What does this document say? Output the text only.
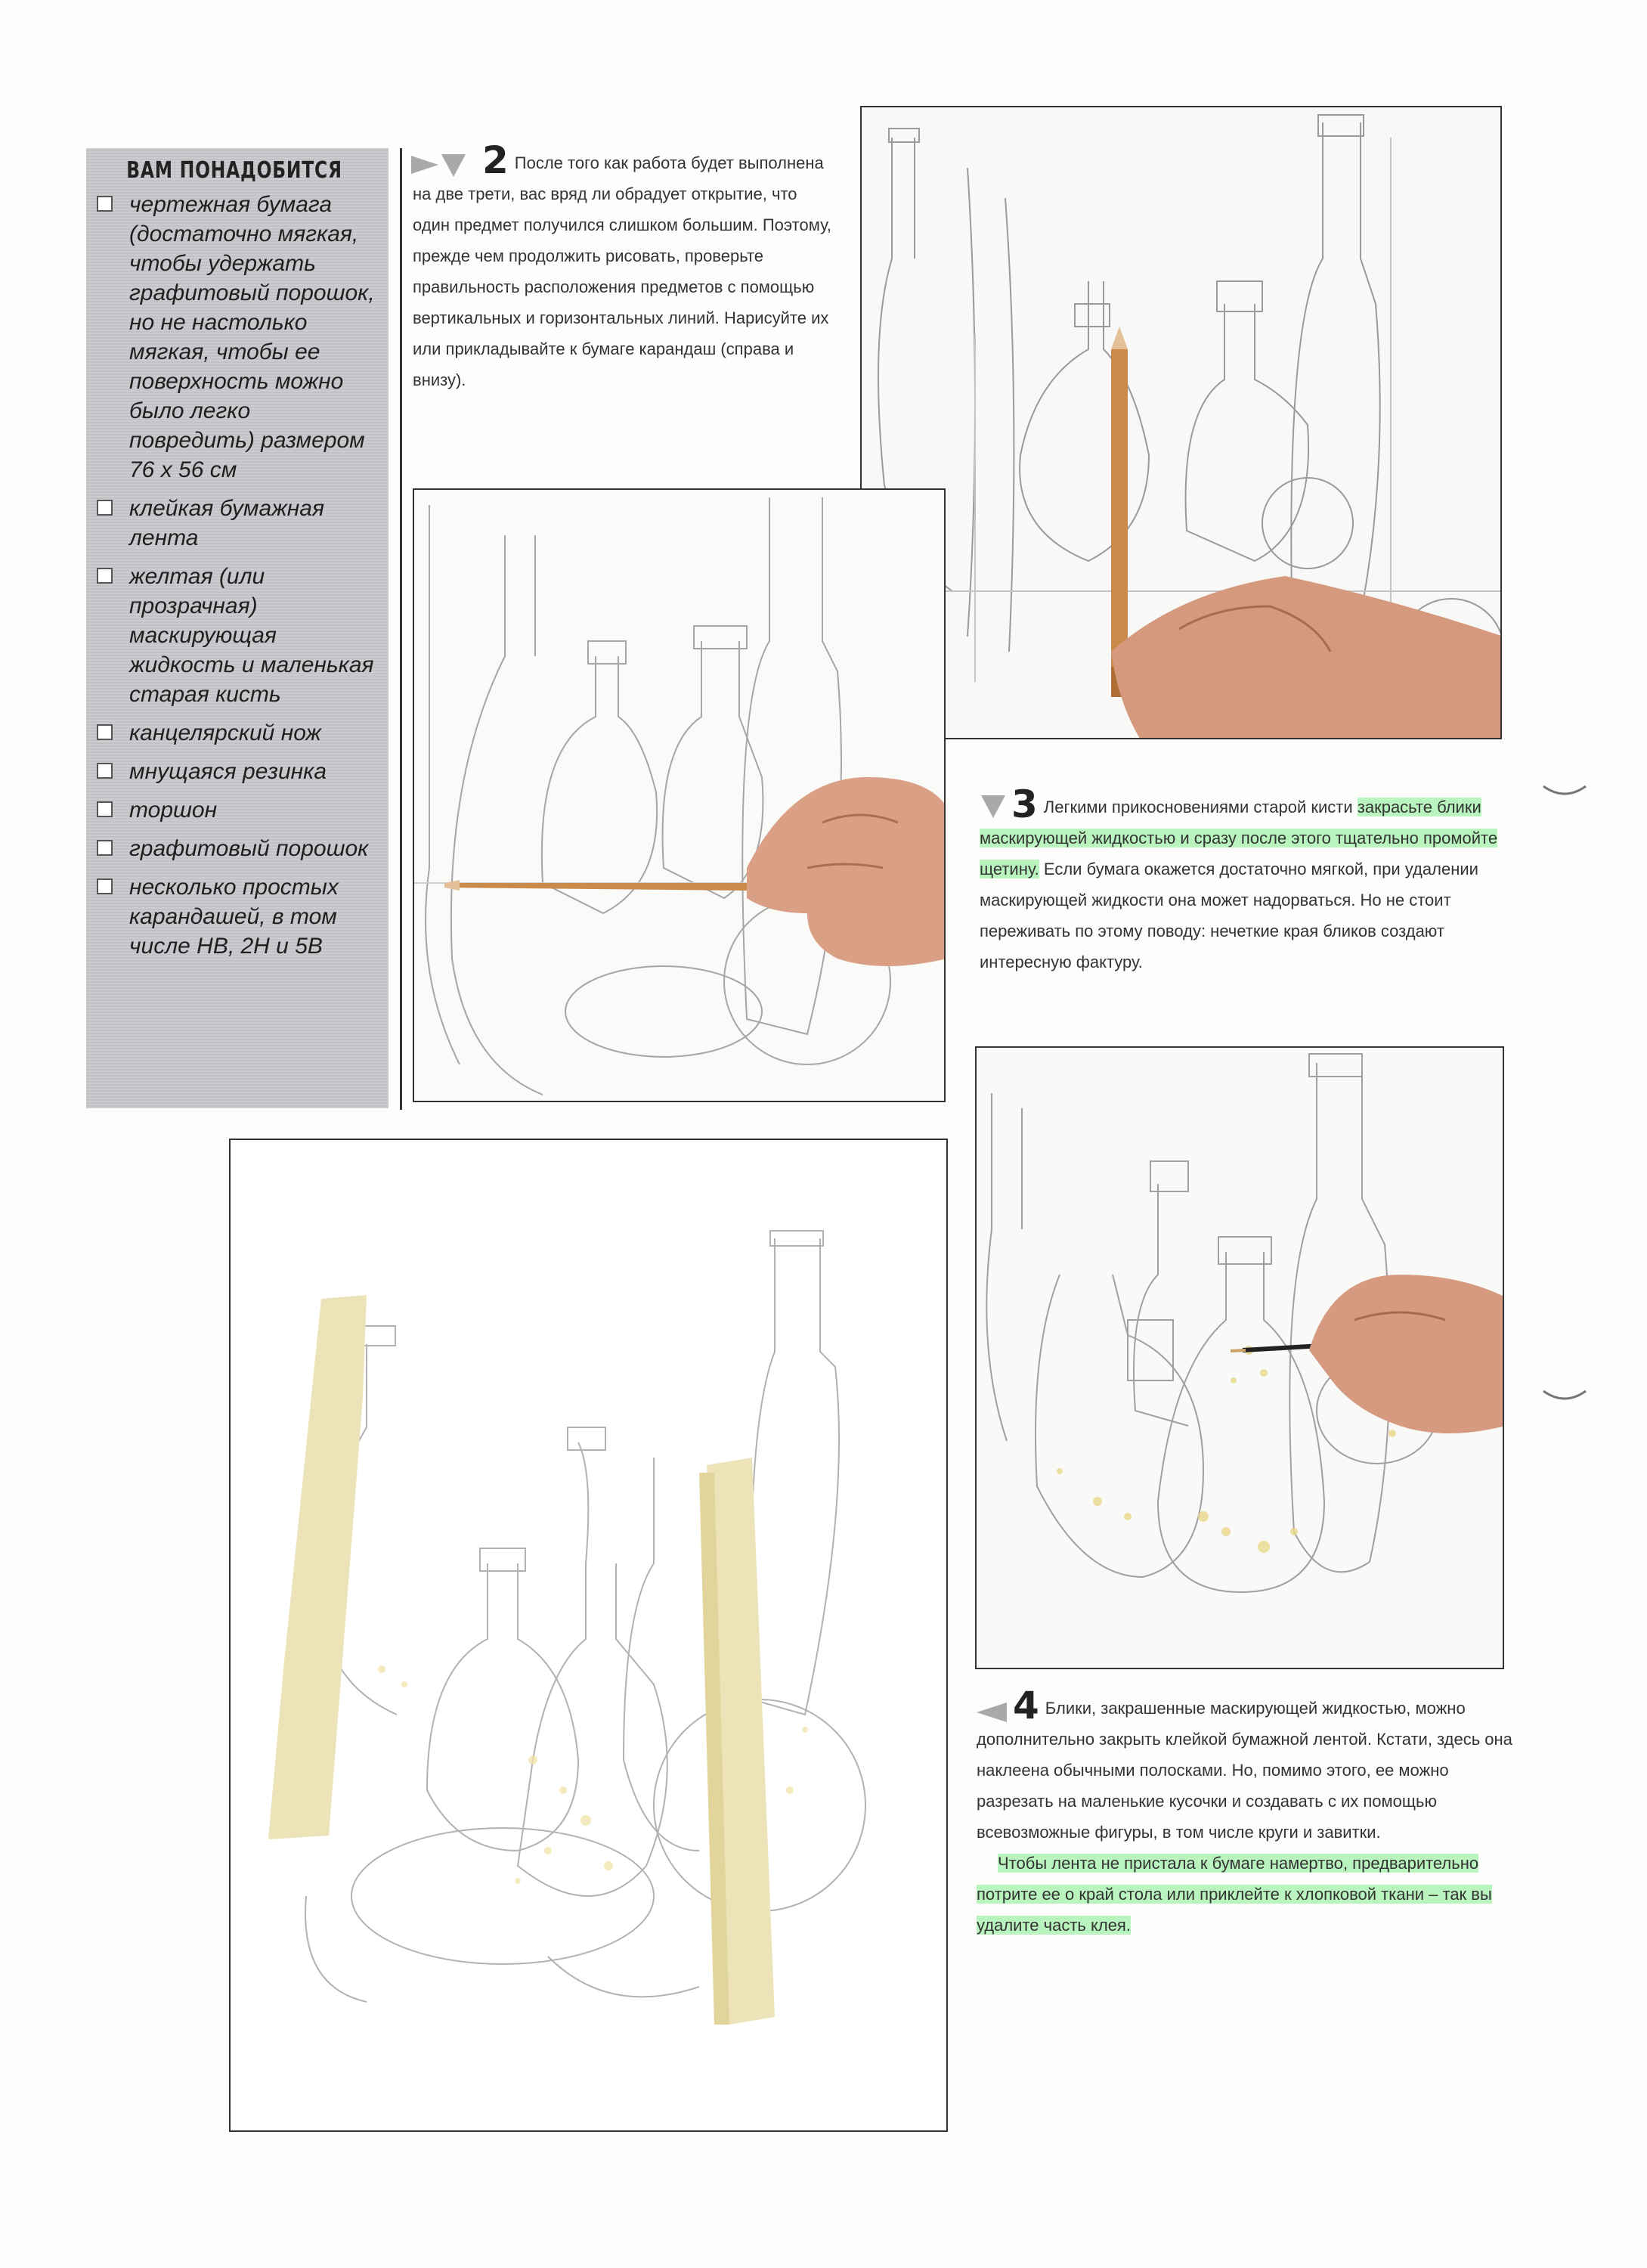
ВАМ ПОНАДОБИТСЯ
чертежная бумага (достаточно мягкая, чтобы удержать графитовый порошок, но не настолько мягкая, чтобы ее поверхность можно было легко повредить) размером 76 x 56 см
клейкая бумажная лента
желтая (или прозрачная) маскирующая жидкость и маленькая старая кисть
канцелярский нож
мнущаяся резинка
торшон
графитовый порошок
несколько простых карандашей, в том числе НВ, 2Н и 5В
2 После того как работа будет выполнена на две трети, вас вряд ли обрадует открытие, что один предмет получился слишком большим. Поэтому, прежде чем продолжить рисовать, проверьте правильность расположения предметов с помощью вертикальных и горизонтальных линий. Нарисуйте их или прикладывайте к бумаге карандаш (справа и внизу).
3 Легкими прикосновениями старой кисти закрасьте блики маскирующей жидкостью и сразу после этого тщательно промойте щетину. Если бумага окажется достаточно мягкой, при удалении маскирующей жидкости она может надорваться. Но не стоит переживать по этому поводу: нечеткие края бликов создают интересную фактуру.
4 Блики, закрашенные маскирующей жидкостью, можно дополнительно закрыть клейкой бумажной лентой. Кстати, здесь она наклеена обычными полосками. Но, помимо этого, ее можно разрезать на маленькие кусочки и создавать с их помощью всевозможные фигуры, в том числе круги и завитки.
Чтобы лента не пристала к бумаге намертво, предварительно потрите ее о край стола или приклейте к хлопковой ткани – так вы удалите часть клея.
